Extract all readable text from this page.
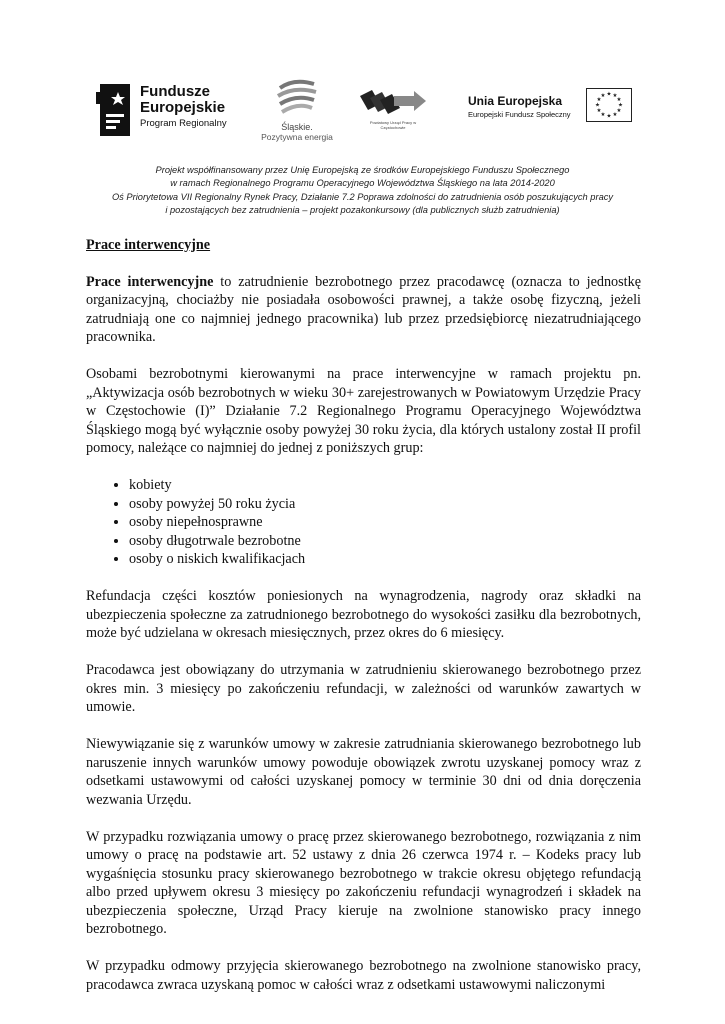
Fundusze
Europejskie
Program Regionalny	Śląskie.
Pozytywna energia
Powiatowy Urząd Pracy w Częstochowie
Unia Europejska
Europejski Fundusz Społeczny
★ ★
★
★
★
★
★
★
★
★
★
★
Projekt współfinansowany przez Unię Europejską ze środków Europejskiego Funduszu Społecznego
w ramach Regionalnego Programu Operacyjnego Województwa Śląskiego na lata 2014-2020
Oś Priorytetowa VII Regionalny Rynek Pracy, Działanie 7.2 Poprawa zdolności do zatrudnienia osób poszukujących pracy
i pozostających bez zatrudnienia – projekt pozakonkursowy (dla publicznych służb zatrudnienia)
Prace interwencyjne

Prace interwencyjne to zatrudnienie bezrobotnego przez pracodawcę (oznacza to jednostkę organizacyjną, chociażby nie posiadała osobowości prawnej, a także osobę fizyczną, jeżeli zatrudniają one co najmniej jednego pracownika) lub przez przedsiębiorcę niezatrudniającego pracownika.

Osobami bezrobotnymi kierowanymi na prace interwencyjne w ramach projektu pn. „Aktywizacja osób bezrobotnych w wieku 30+ zarejestrowanych w Powiatowym Urzędzie Pracy w Częstochowie (I)” Działanie 7.2 Regionalnego Programu Operacyjnego Województwa Śląskiego mogą być wyłącznie osoby powyżej 30 roku życia, dla których ustalony został II profil pomocy, należące co najmniej do jednej z poniższych grup:

• kobiety
• osoby powyżej 50 roku życia
• osoby niepełnosprawne
• osoby długotrwale bezrobotne
• osoby o niskich kwalifikacjach

Refundacja części kosztów poniesionych na wynagrodzenia, nagrody oraz składki na ubezpieczenia społeczne za zatrudnionego bezrobotnego do wysokości zasiłku dla bezrobotnych, może być udzielana w okresach miesięcznych, przez okres do 6 miesięcy.

Pracodawca jest obowiązany do utrzymania w zatrudnieniu skierowanego bezrobotnego przez okres min. 3 miesięcy po zakończeniu refundacji, w zależności od warunków zawartych w umowie.

Niewywiązanie się z warunków umowy w zakresie zatrudniania skierowanego bezrobotnego lub naruszenie innych warunków umowy powoduje obowiązek zwrotu uzyskanej pomocy wraz z odsetkami ustawowymi od całości uzyskanej pomocy w terminie 30 dni od dnia doręczenia wezwania Urzędu.

W przypadku rozwiązania umowy o pracę przez skierowanego bezrobotnego, rozwiązania z nim umowy o pracę na podstawie art. 52 ustawy z dnia 26 czerwca 1974 r. – Kodeks pracy lub wygaśnięcia stosunku pracy skierowanego bezrobotnego w trakcie okresu objętego refundacją albo przed upływem okresu 3 miesięcy po zakończeniu refundacji wynagrodzeń i składek na ubezpieczenia społeczne, Urząd Pracy kieruje na zwolnione stanowisko pracy innego bezrobotnego.

W przypadku odmowy przyjęcia skierowanego bezrobotnego na zwolnione stanowisko pracy, pracodawca zwraca uzyskaną pomoc w całości wraz z odsetkami ustawowymi naliczonymi
